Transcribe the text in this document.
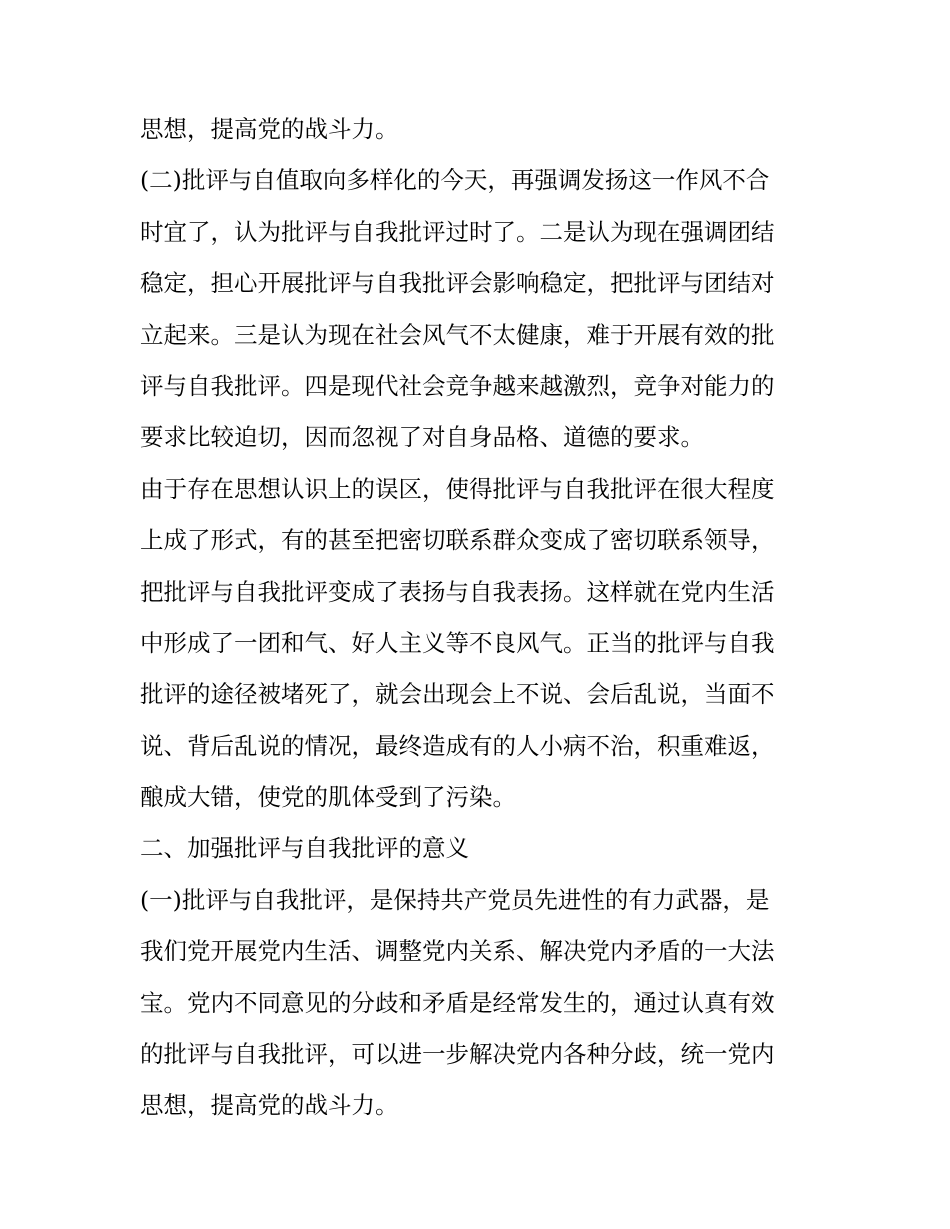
思想，提高党的战斗力。
(二)批评与自值取向多样化的今天，再强调发扬这一作风不合
时宜了，认为批评与自我批评过时了。二是认为现在强调团结
稳定，担心开展批评与自我批评会影响稳定，把批评与团结对
立起来。三是认为现在社会风气不太健康，难于开展有效的批
评与自我批评。四是现代社会竞争越来越激烈，竞争对能力的
要求比较迫切，因而忽视了对自身品格、道德的要求。
由于存在思想认识上的误区，使得批评与自我批评在很大程度
上成了形式，有的甚至把密切联系群众变成了密切联系领导，
把批评与自我批评变成了表扬与自我表扬。这样就在党内生活
中形成了一团和气、好人主义等不良风气。正当的批评与自我
批评的途径被堵死了，就会出现会上不说、会后乱说，当面不
说、背后乱说的情况，最终造成有的人小病不治，积重难返，
酿成大错，使党的肌体受到了污染。
二、加强批评与自我批评的意义
(一)批评与自我批评，是保持共产党员先进性的有力武器，是
我们党开展党内生活、调整党内关系、解决党内矛盾的一大法
宝。党内不同意见的分歧和矛盾是经常发生的，通过认真有效
的批评与自我批评，可以进一步解决党内各种分歧，统一党内
思想，提高党的战斗力。
